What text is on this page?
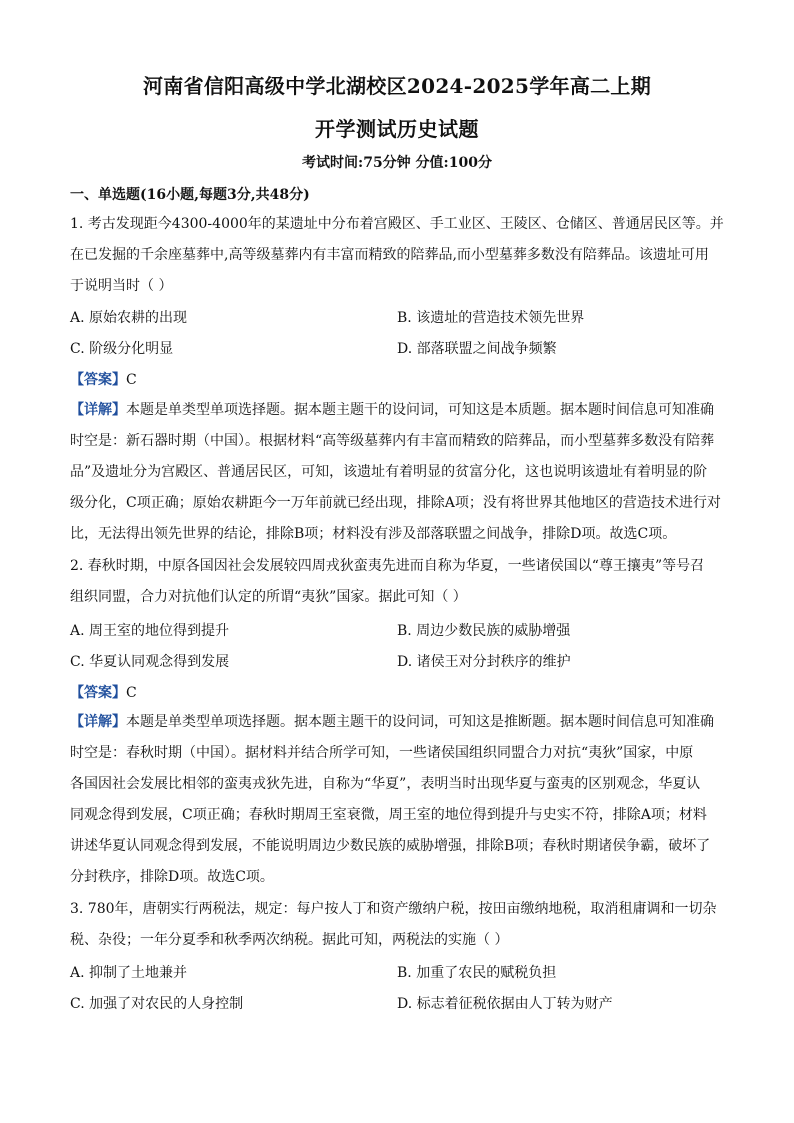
河南省信阳高级中学北湖校区2024-2025学年高二上期
开学测试历史试题
考试时间:75分钟 分值:100分
一、单选题(16小题,每题3分,共48分)
1. 考古发现距今4300-4000年的某遗址中分布着宫殿区、手工业区、王陵区、仓储区、普通居民区等。并
在已发掘的千余座墓葬中,高等级墓葬内有丰富而精致的陪葬品,而小型墓葬多数没有陪葬品。该遗址可用
于说明当时（ ）
A. 原始农耕的出现	B. 该遗址的营造技术领先世界
C. 阶级分化明显	D. 部落联盟之间战争频繁
【答案】C
【详解】本题是单类型单项选择题。据本题主题干的设问词，可知这是本质题。据本题时间信息可知准确
时空是：新石器时期（中国）。根据材料“高等级墓葬内有丰富而精致的陪葬品，而小型墓葬多数没有陪葬
品”及遗址分为宫殿区、普通居民区，可知，该遗址有着明显的贫富分化，这也说明该遗址有着明显的阶
级分化，C项正确；原始农耕距今一万年前就已经出现，排除A项；没有将世界其他地区的营造技术进行对
比，无法得出领先世界的结论，排除B项；材料没有涉及部落联盟之间战争，排除D项。故选C项。
2. 春秋时期，中原各国因社会发展较四周戎狄蛮夷先进而自称为华夏，一些诸侯国以“尊王攘夷”等号召
组织同盟，合力对抗他们认定的所谓“夷狄”国家。据此可知（ ）
A. 周王室的地位得到提升	B. 周边少数民族的威胁增强
C. 华夏认同观念得到发展	D. 诸侯王对分封秩序的维护
【答案】C
【详解】本题是单类型单项选择题。据本题主题干的设问词，可知这是推断题。据本题时间信息可知准确
时空是：春秋时期（中国）。据材料并结合所学可知，一些诸侯国组织同盟合力对抗“夷狄”国家，中原
各国因社会发展比相邻的蛮夷戎狄先进，自称为“华夏”，表明当时出现华夏与蛮夷的区别观念，华夏认
同观念得到发展，C项正确；春秋时期周王室衰微，周王室的地位得到提升与史实不符，排除A项；材料
讲述华夏认同观念得到发展，不能说明周边少数民族的威胁增强，排除B项；春秋时期诸侯争霸，破坏了
分封秩序，排除D项。故选C项。
3. 780年，唐朝实行两税法，规定：每户按人丁和资产缴纳户税，按田亩缴纳地税，取消租庸调和一切杂
税、杂役；一年分夏季和秋季两次纳税。据此可知，两税法的实施（ ）
A. 抑制了土地兼并	B. 加重了农民的赋税负担
C. 加强了对农民的人身控制	D. 标志着征税依据由人丁转为财产
